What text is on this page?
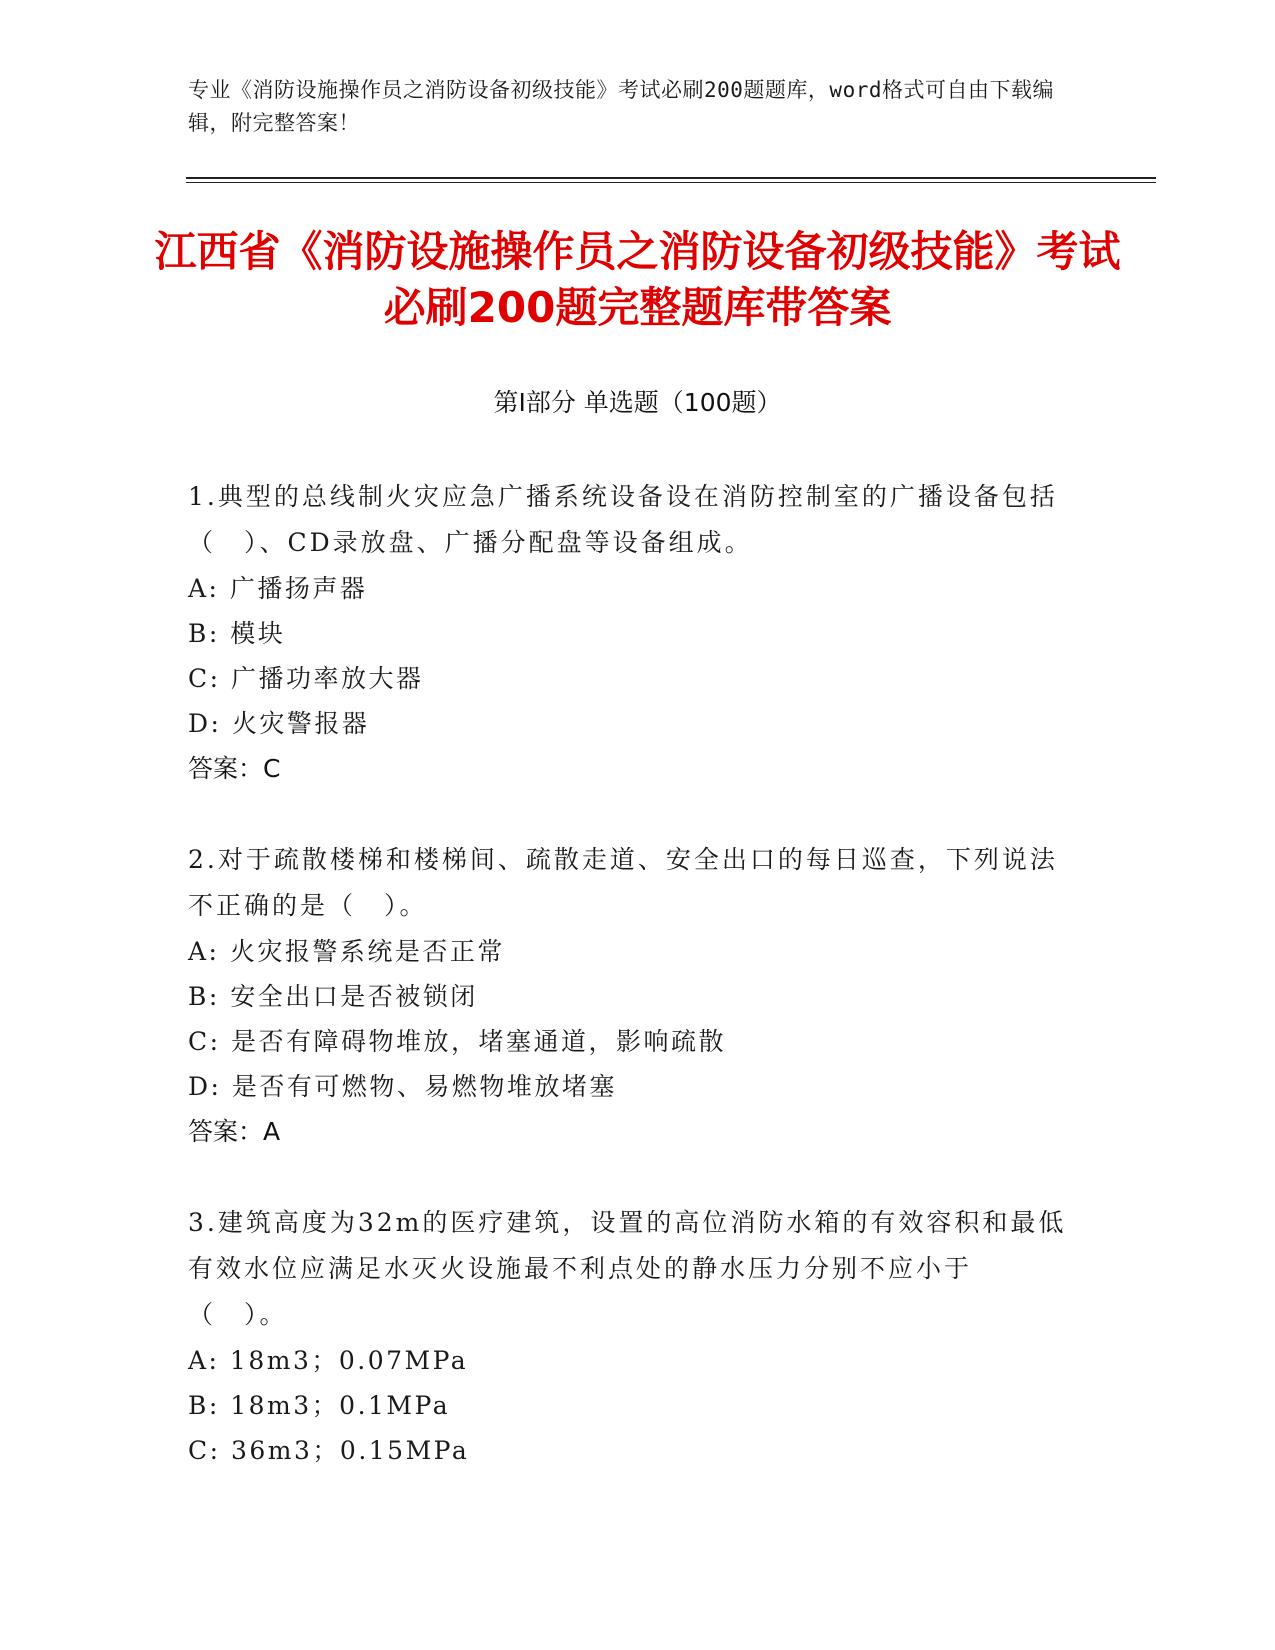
专业《消防设施操作员之消防设备初级技能》考试必刷200题题库，word格式可自由下载编辑，附完整答案！
江西省《消防设施操作员之消防设备初级技能》考试必刷200题完整题库带答案
第Ⅰ部分 单选题（100题）
1.典型的总线制火灾应急广播系统设备设在消防控制室的广播设备包括（　）、CD录放盘、广播分配盘等设备组成。
A: 广播扬声器
B: 模块
C: 广播功率放大器
D: 火灾警报器
答案：C
2.对于疏散楼梯和楼梯间、疏散走道、安全出口的每日巡查，下列说法不正确的是（　）。
A: 火灾报警系统是否正常
B: 安全出口是否被锁闭
C: 是否有障碍物堆放，堵塞通道，影响疏散
D: 是否有可燃物、易燃物堆放堵塞
答案：A
3.建筑高度为32m的医疗建筑，设置的高位消防水箱的有效容积和最低有效水位应满足水灭火设施最不利点处的静水压力分别不应小于（　）。
A: 18m3；0.07MPa
B: 18m3；0.1MPa
C: 36m3；0.15MPa
